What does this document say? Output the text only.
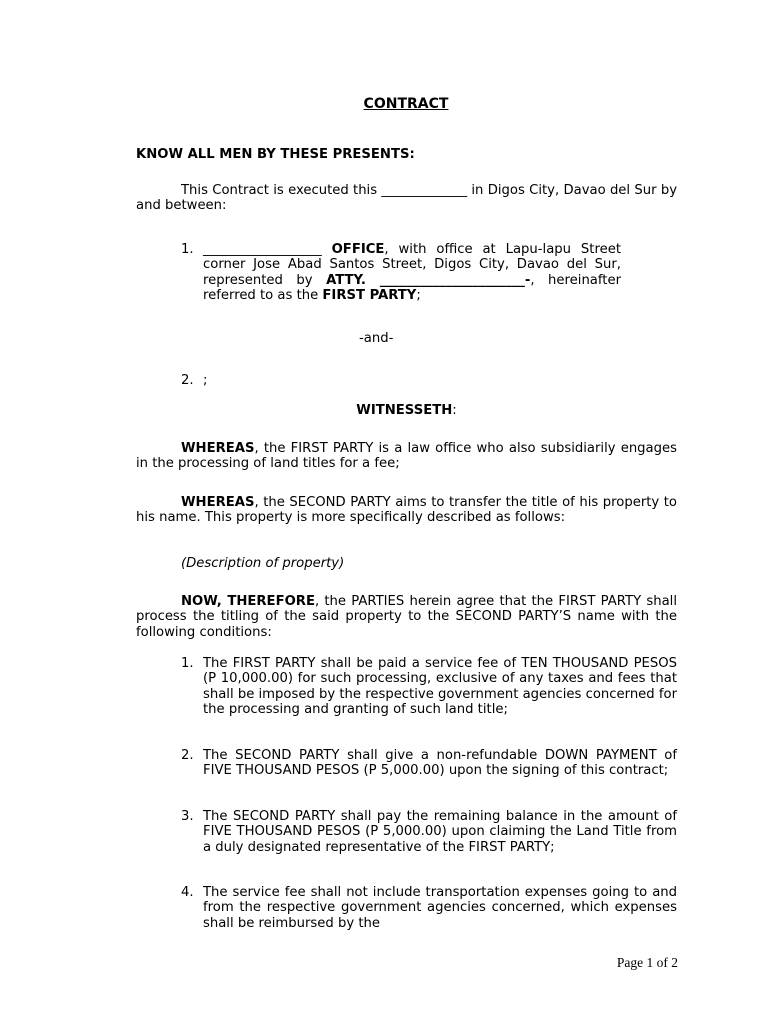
CONTRACT
KNOW ALL MEN BY THESE PRESENTS:

This Contract is executed this _____________ in Digos City, Davao del Sur by and between:

1. __________________ OFFICE, with office at Lapu-lapu Street corner Jose Abad Santos Street, Digos City, Davao del Sur, represented by ATTY. ______________________-, hereinafter referred to as the FIRST PARTY;

-and-
2. ;
WITNESSETH:

WHEREAS, the FIRST PARTY is a law office who also subsidiarily engages in the processing of land titles for a fee;

WHEREAS, the SECOND PARTY aims to transfer the title of his property to his name. This property is more specifically described as follows:

(Description of property)

NOW, THEREFORE, the PARTIES herein agree that the FIRST PARTY shall process the titling of the said property to the SECOND PARTY’S name with the following conditions:

1. The FIRST PARTY shall be paid a service fee of TEN THOUSAND PESOS (P 10,000.00) for such processing, exclusive of any taxes and fees that shall be imposed by the respective government agencies concerned for the processing and granting of such land title;

2. The SECOND PARTY shall give a non-refundable DOWN PAYMENT of FIVE THOUSAND PESOS (P 5,000.00) upon the signing of this contract;

3. The SECOND PARTY shall pay the remaining balance in the amount of FIVE THOUSAND PESOS (P 5,000.00) upon claiming the Land Title from a duly designated representative of the FIRST PARTY;

4. The service fee shall not include transportation expenses going to and from the respective government agencies concerned, which expenses shall be reimbursed by the

Page 1 of 2
